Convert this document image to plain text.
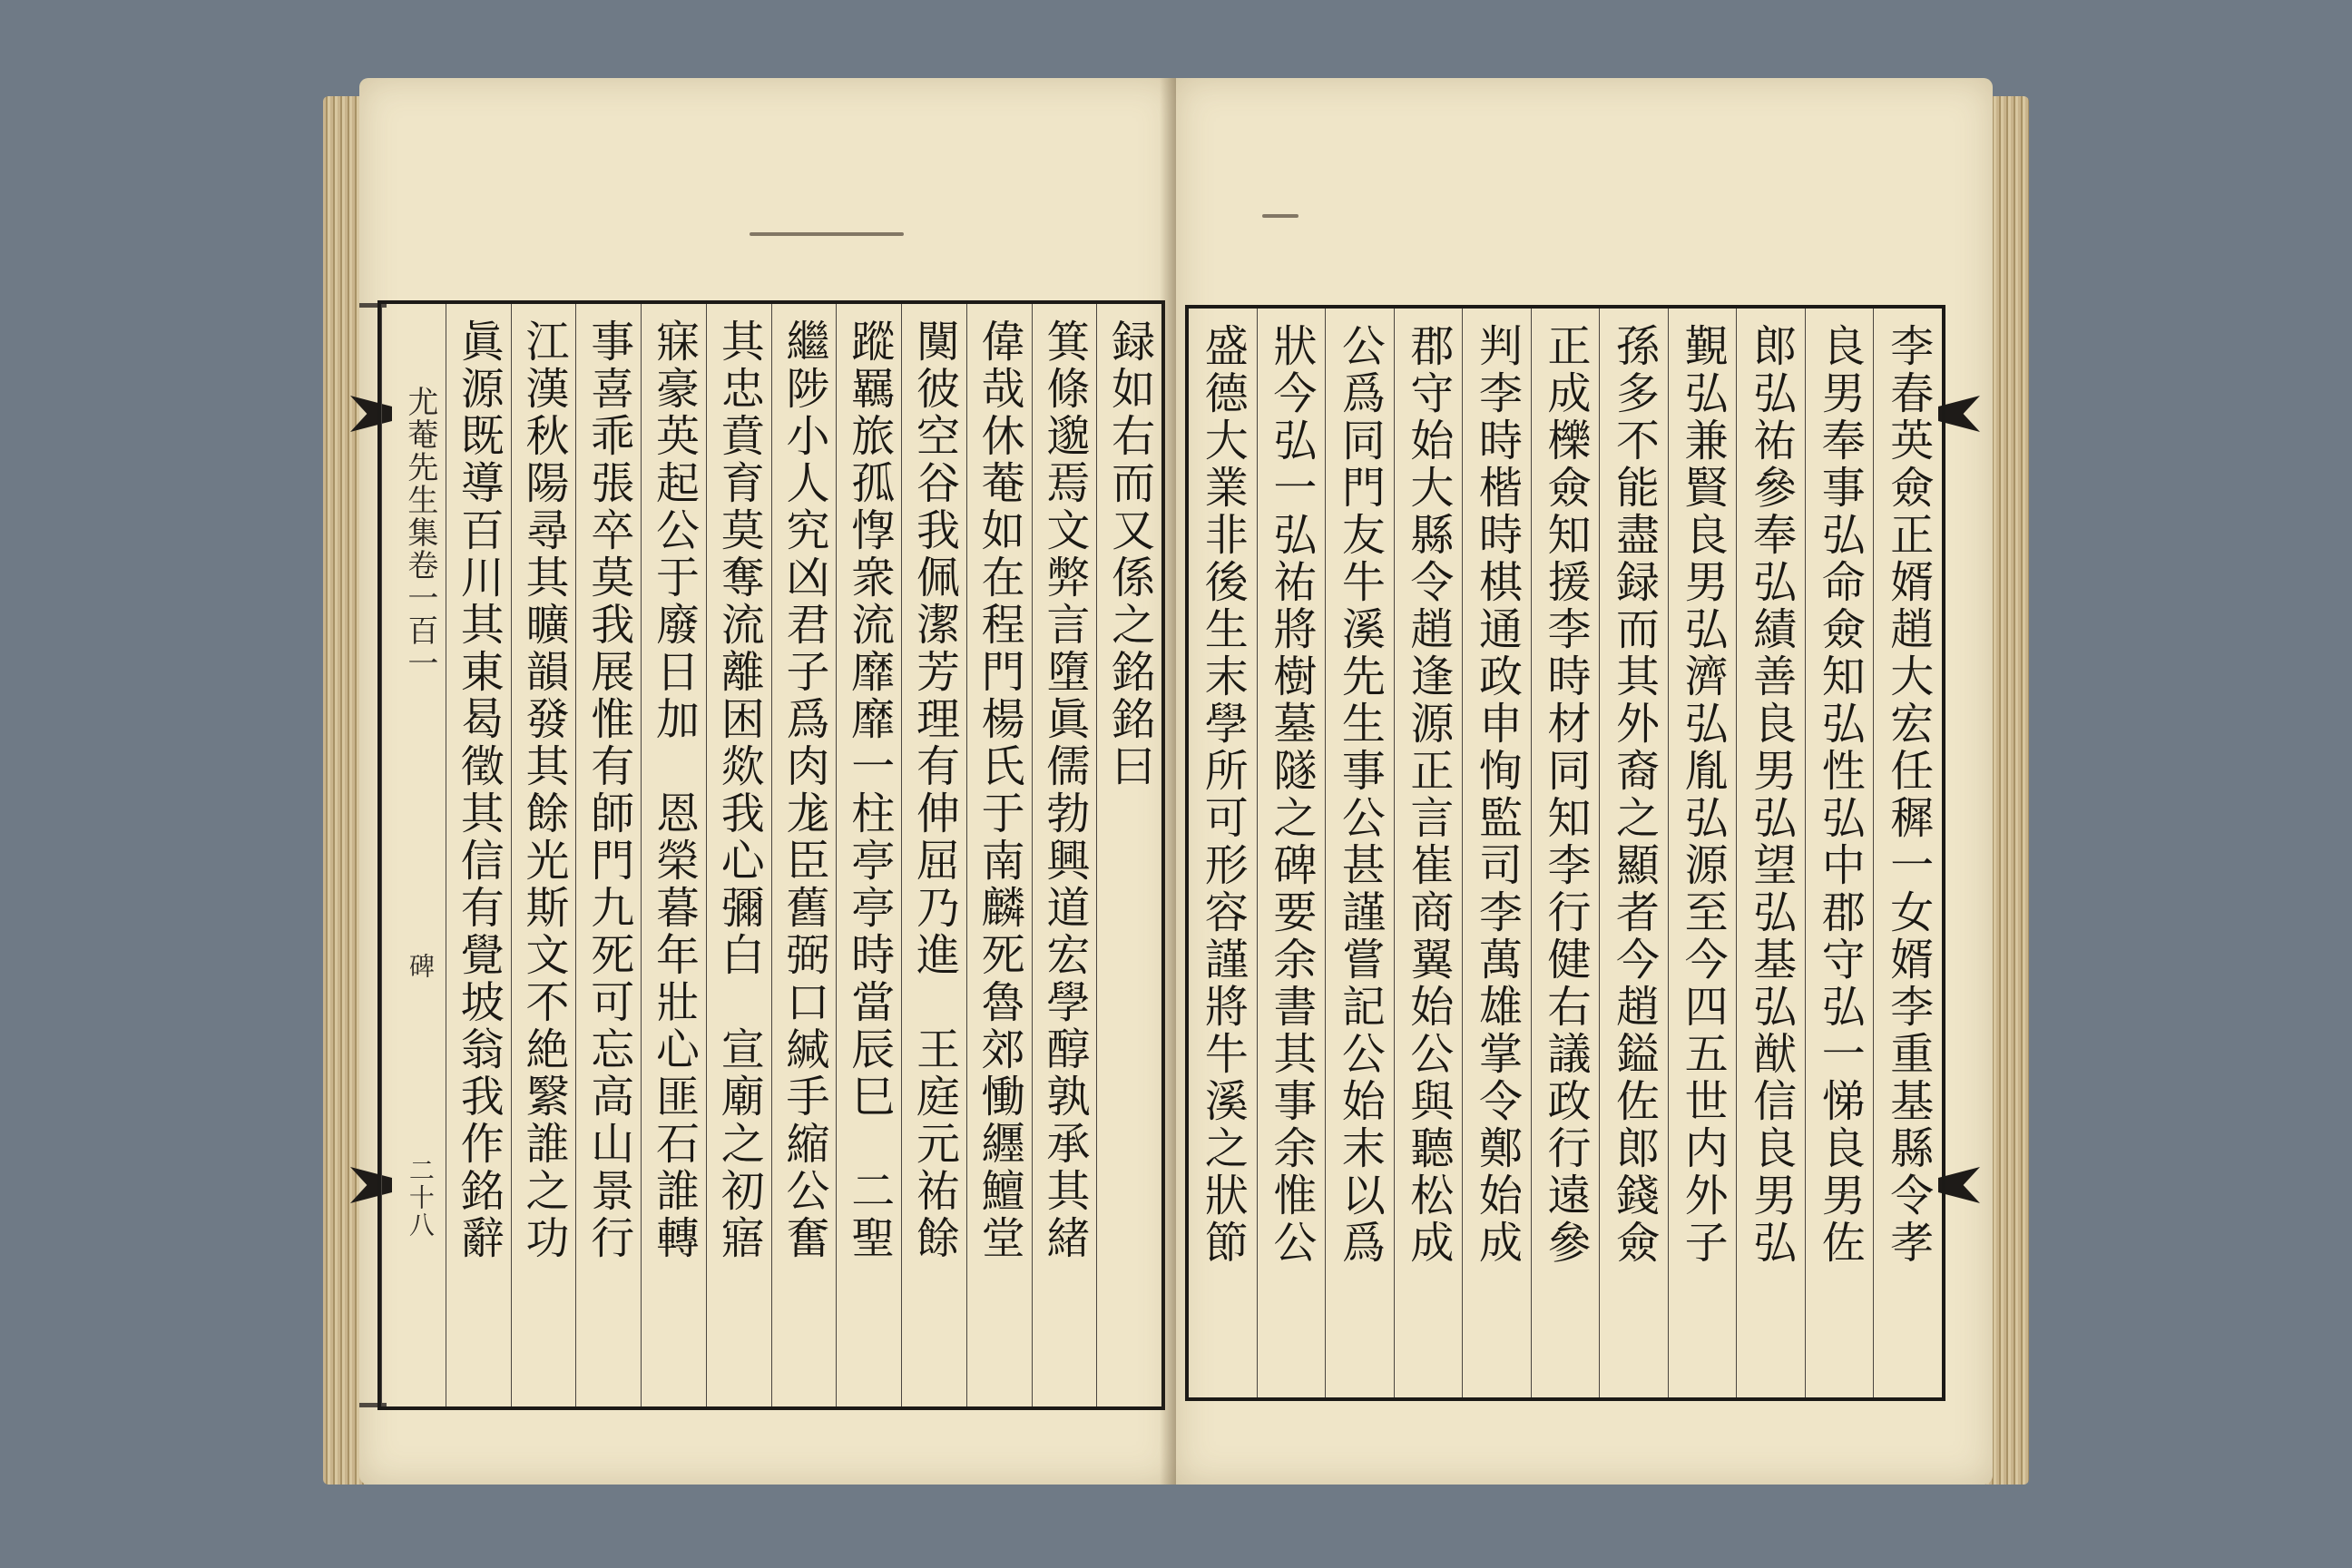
録如右而又係之銘銘曰
箕條邈焉文弊言墮眞儒勃興道宏學醇孰承其緒
偉哉休菴如在程門楊氏于南麟死魯郊慟纒鱣堂
闃彼空谷我佩潔芳理有伸屈乃進　王庭元祐餘
蹤羈旅孤惸衆流靡靡一柱亭亭時當辰巳　二聖
繼陟小人究凶君子爲肉尨臣舊弼口緘手縮公奮
其忠賁育莫奪流離困欻我心彌白　宣廟之初寤
寐豪英起公于廢日加　恩榮暮年壯心匪石誰轉
事喜乖張卒莫我展惟有師門九死可忘高山景行
江漢秋陽尋其曠韻發其餘光斯文不絶繄誰之功
眞源既導百川其東曷徵其信有覺坡翁我作銘辭
尤菴先生集卷一百一
碑
二十八	李春英僉正婿趙大宏任穉一女婿李重基縣令孝
良男奉事弘命僉知弘性弘中郡守弘一悌良男佐
郎弘祐參奉弘績善良男弘望弘基弘猷信良男弘
覲弘兼賢良男弘濟弘胤弘源至今四五世内外子
孫多不能盡録而其外裔之顯者今趙鎰佐郎錢僉
正成櫟僉知援李時材同知李行健右議政行遠參
判李時楷時棋通政申恂監司李萬雄掌令鄭始成
郡守始大縣令趙逢源正言崔商翼始公與聽松成
公爲同門友牛溪先生事公甚謹嘗記公始末以爲
狀今弘一弘祐將樹墓隧之碑要余書其事余惟公
盛德大業非後生末學所可形容謹將牛溪之狀節
